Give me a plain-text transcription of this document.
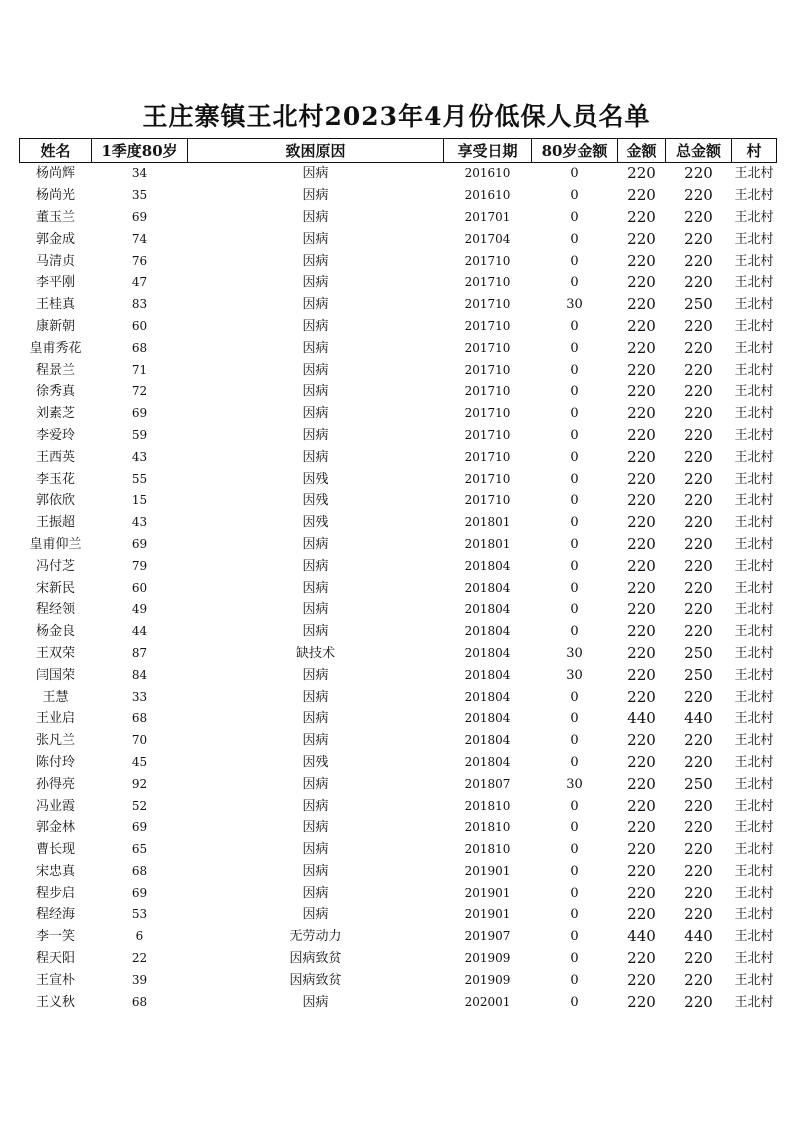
王庄寨镇王北村2023年4月份低保人员名单
姓名	1季度80岁	致困原因	享受日期	80岁金额	金额	总金额	村
杨尚辉	34	因病	201610	0	220	220	王北村
杨尚光	35	因病	201610	0	220	220	王北村
董玉兰	69	因病	201701	0	220	220	王北村
郭金成	74	因病	201704	0	220	220	王北村
马清贞	76	因病	201710	0	220	220	王北村
李平刚	47	因病	201710	0	220	220	王北村
王桂真	83	因病	201710	30	220	250	王北村
康新朝	60	因病	201710	0	220	220	王北村
皇甫秀花	68	因病	201710	0	220	220	王北村
程景兰	71	因病	201710	0	220	220	王北村
徐秀真	72	因病	201710	0	220	220	王北村
刘素芝	69	因病	201710	0	220	220	王北村
李爱玲	59	因病	201710	0	220	220	王北村
王西英	43	因病	201710	0	220	220	王北村
李玉花	55	因残	201710	0	220	220	王北村
郭依欣	15	因残	201710	0	220	220	王北村
王振超	43	因残	201801	0	220	220	王北村
皇甫仰兰	69	因病	201801	0	220	220	王北村
冯付芝	79	因病	201804	0	220	220	王北村
宋新民	60	因病	201804	0	220	220	王北村
程经领	49	因病	201804	0	220	220	王北村
杨金良	44	因病	201804	0	220	220	王北村
王双荣	87	缺技术	201804	30	220	250	王北村
闫国荣	84	因病	201804	30	220	250	王北村
王慧	33	因病	201804	0	220	220	王北村
王业启	68	因病	201804	0	440	440	王北村
张凡兰	70	因病	201804	0	220	220	王北村
陈付玲	45	因残	201804	0	220	220	王北村
孙得亮	92	因病	201807	30	220	250	王北村
冯业霞	52	因病	201810	0	220	220	王北村
郭金林	69	因病	201810	0	220	220	王北村
曹长现	65	因病	201810	0	220	220	王北村
宋忠真	68	因病	201901	0	220	220	王北村
程步启	69	因病	201901	0	220	220	王北村
程经海	53	因病	201901	0	220	220	王北村
李一笑	6	无劳动力	201907	0	440	440	王北村
程天阳	22	因病致贫	201909	0	220	220	王北村
王宣朴	39	因病致贫	201909	0	220	220	王北村
王义秋	68	因病	202001	0	220	220	王北村
